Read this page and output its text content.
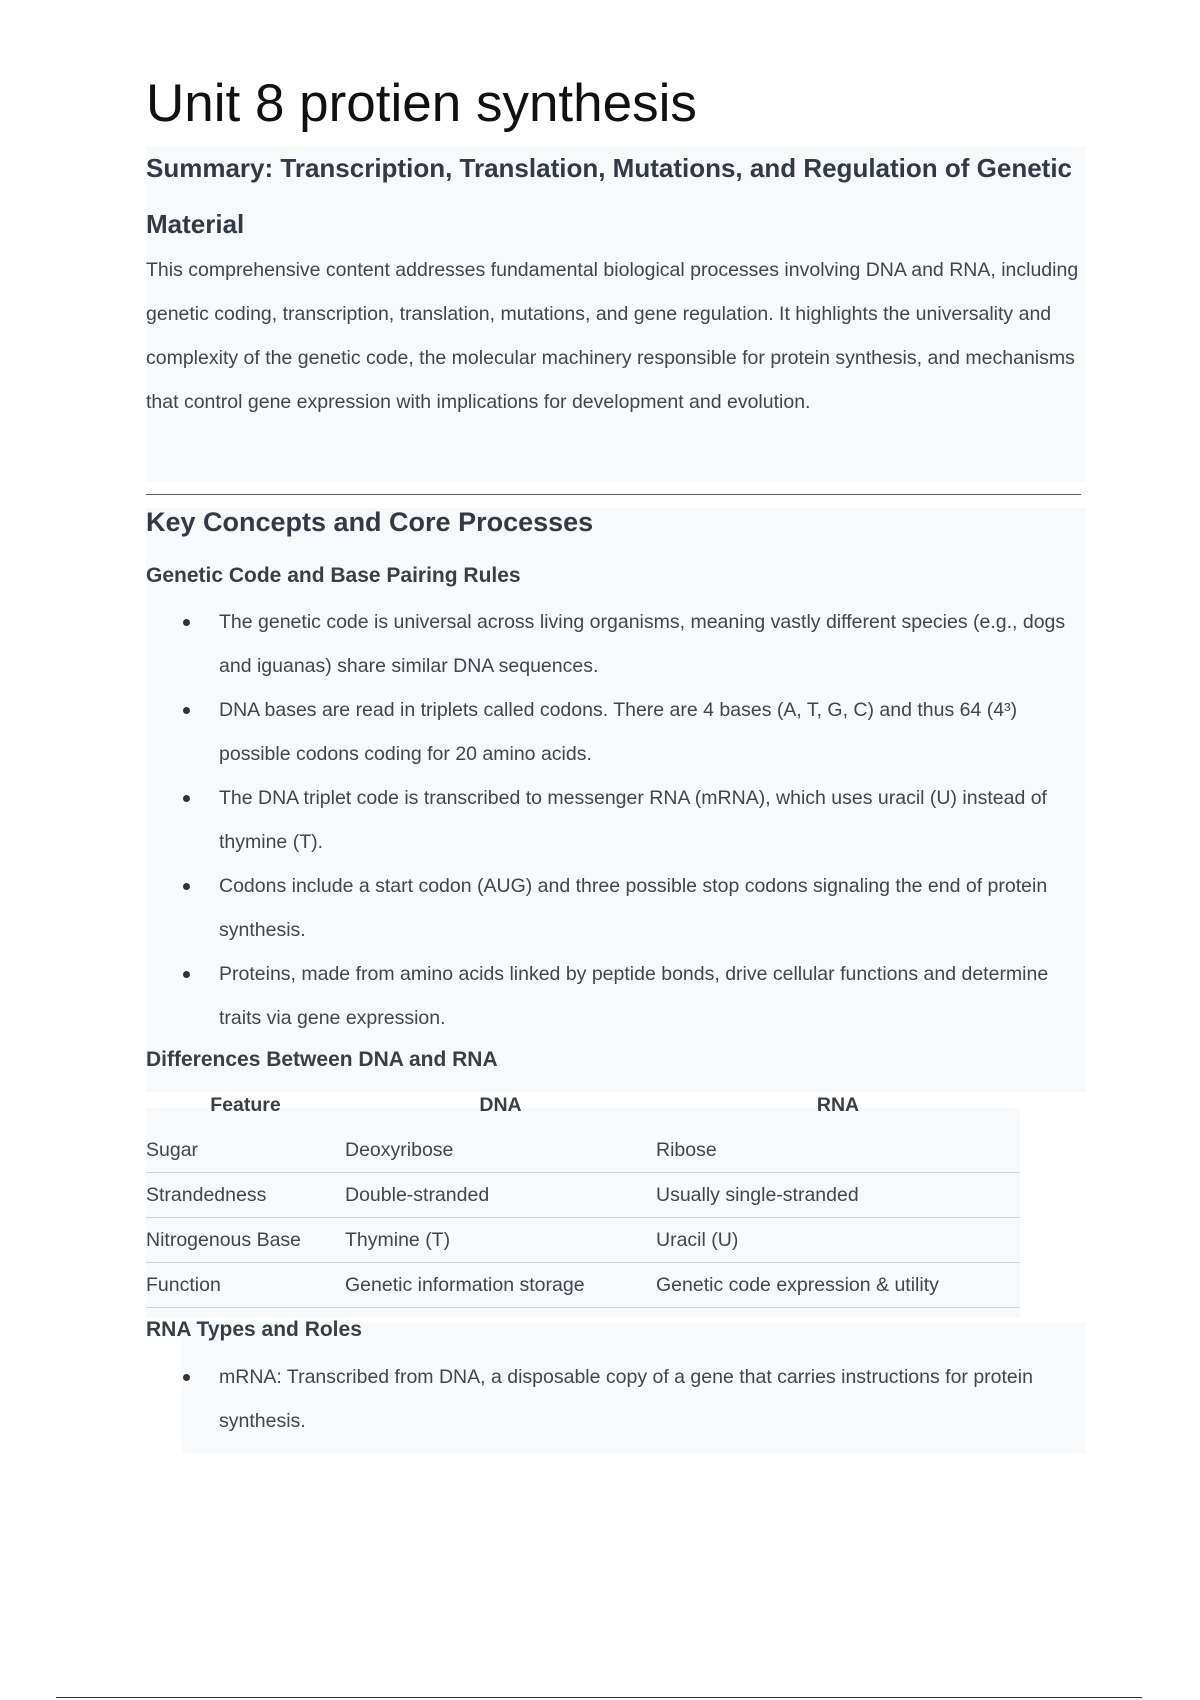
Unit 8 protien synthesis
Summary: Transcription, Translation, Mutations, and Regulation of Genetic Material

This comprehensive content addresses fundamental biological processes involving DNA and RNA, including genetic coding, transcription, translation, mutations, and gene regulation. It highlights the universality and complexity of the genetic code, the molecular machinery responsible for protein synthesis, and mechanisms that control gene expression with implications for development and evolution.

Key Concepts and Core Processes
Genetic Code and Base Pairing Rules
The genetic code is universal across living organisms, meaning vastly different species (e.g., dogs and iguanas) share similar DNA sequences.
DNA bases are read in triplets called codons. There are 4 bases (A, T, G, C) and thus 64 (4³) possible codons coding for 20 amino acids.
The DNA triplet code is transcribed to messenger RNA (mRNA), which uses uracil (U) instead of thymine (T).
Codons include a start codon (AUG) and three possible stop codons signaling the end of protein synthesis.
Proteins, made from amino acids linked by peptide bonds, drive cellular functions and determine traits via gene expression.
Differences Between DNA and RNA
Feature	DNA	RNA
Sugar	Deoxyribose	Ribose
Strandedness	Double-stranded	Usually single-stranded
Nitrogenous Base	Thymine (T)	Uracil (U)
Function	Genetic information storage	Genetic code expression & utility
RNA Types and Roles
mRNA: Transcribed from DNA, a disposable copy of a gene that carries instructions for protein synthesis.
